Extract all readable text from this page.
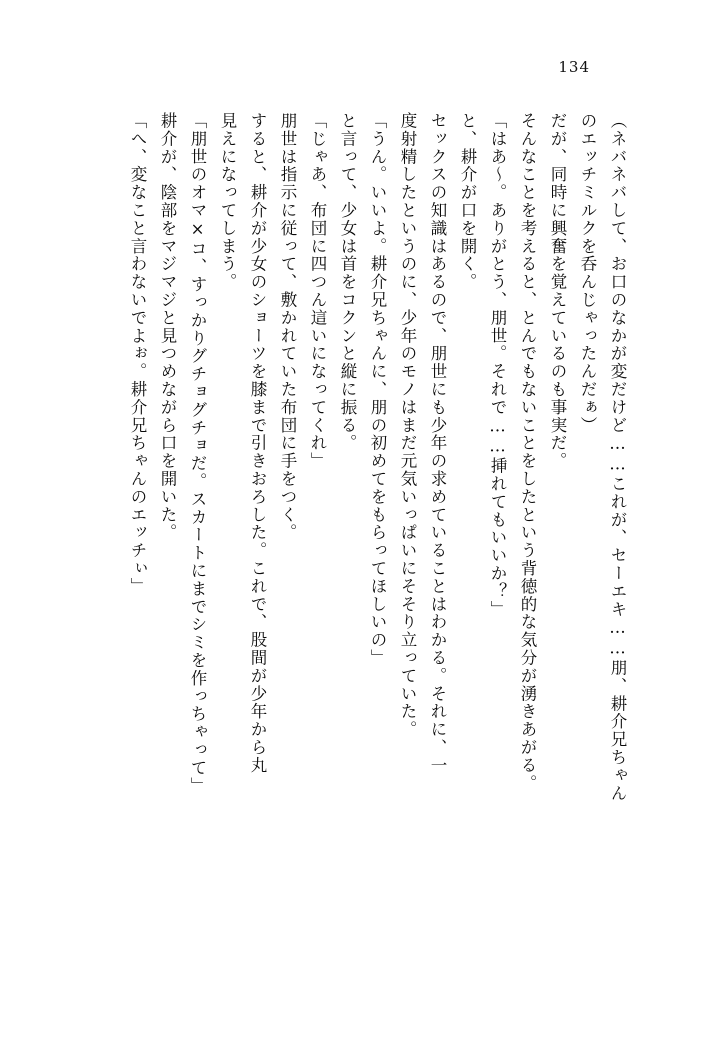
134
（ネバネバして、お口のなかが変だけど……これが、セーエキ……朋、耕介兄ちゃん
のエッチミルクを呑んじゃったんだぁ）
だが、同時に興奮を覚えているのも事実だ。
そんなことを考えると、とんでもないことをしたという背徳的な気分が湧きあがる。
「はあ～。ありがとう、朋世。それで……挿れてもいいか？」
と、耕介が口を開く。
セックスの知識はあるので、朋世にも少年の求めていることはわかる。それに、一
度射精したというのに、少年のモノはまだ元気いっぱいにそそり立っていた。
「うん。いいよ。耕介兄ちゃんに、朋の初めてをもらってほしいの」
と言って、少女は首をコクンと縦に振る。
「じゃあ、布団に四つん這いになってくれ」
朋世は指示に従って、敷かれていた布団に手をつく。
すると、耕介が少女のショーツを膝まで引きおろした。これで、股間が少年から丸
見えになってしまう。
「朋世のオマ×コ、すっかりグチョグチョだ。スカートにまでシミを作っちゃって」
耕介が、陰部をマジマジと見つめながら口を開いた。
「へ、変なこと言わないでよぉ。耕介兄ちゃんのエッチぃ」
